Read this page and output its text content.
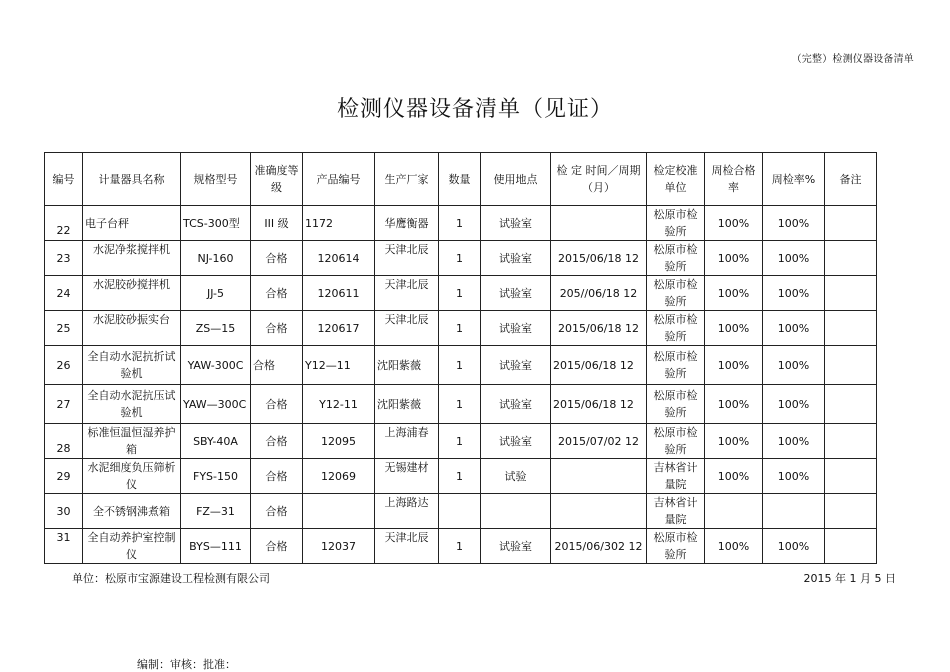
（完整）检测仪器设备清单
检测仪器设备清单（见证）
编号	计量器具名称	规格型号	准确度等级	产品编号	生产厂家	数量	使用地点	检 定 时间／周期（月）	检定校准单位	周检合格率	周检率%	备注
22	电子台秤	TCS-300型	III 级	1172	华鹰衡器	1	试验室		松原市检验所	100%	100%	
23	水泥净浆搅拌机	NJ-160	合格	120614	天津北辰	1	试验室	2015/06/18 12	松原市检验所	100%	100%	
24	水泥胶砂搅拌机	JJ-5	合格	120611	天津北辰	1	试验室	205//06/18 12	松原市检验所	100%	100%	
25	水泥胶砂振实台	ZS—15	合格	120617	天津北辰	1	试验室	2015/06/18 12	松原市检验所	100%	100%	
26	全自动水泥抗折试验机	YAW-300C	合格	Y12—11	沈阳紫薇	1	试验室	2015/06/18 12	松原市检验所	100%	100%	
27	全自动水泥抗压试验机	YAW—300C	合格	Y12-11	沈阳紫薇	1	试验室	2015/06/18 12	松原市检验所	100%	100%	
28	标准恒温恒湿养护箱	SBY-40A	合格	12095	上海浦春	1	试验室	2015/07/02 12	松原市检验所	100%	100%	
29	水泥细度负压筛析仪	FYS-150	合格	12069	无锡建材	1	试验		吉林省计量院	100%	100%	
30	全不锈钢沸煮箱	FZ—31	合格		上海路达				吉林省计量院			
31	全自动养护室控制仪	BYS—111	合格	12037	天津北辰	1	试验室	2015/06/302 12	松原市检验所	100%	100%	
单位：松原市宝源建设工程检测有限公司	2015 年 1 月 5 日
编制：审核：批准：
